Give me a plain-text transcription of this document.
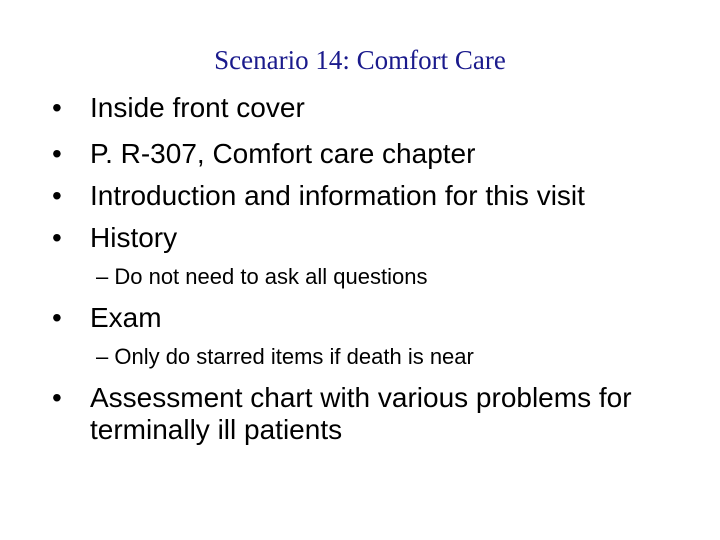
Scenario 14: Comfort Care
•	Inside front cover
•	P. R-307, Comfort care chapter
•	Introduction and information for this visit
•	History
– Do not need to ask all questions
•	Exam
– Only do starred items if death is near
•	Assessment chart with various problems for terminally ill patients
